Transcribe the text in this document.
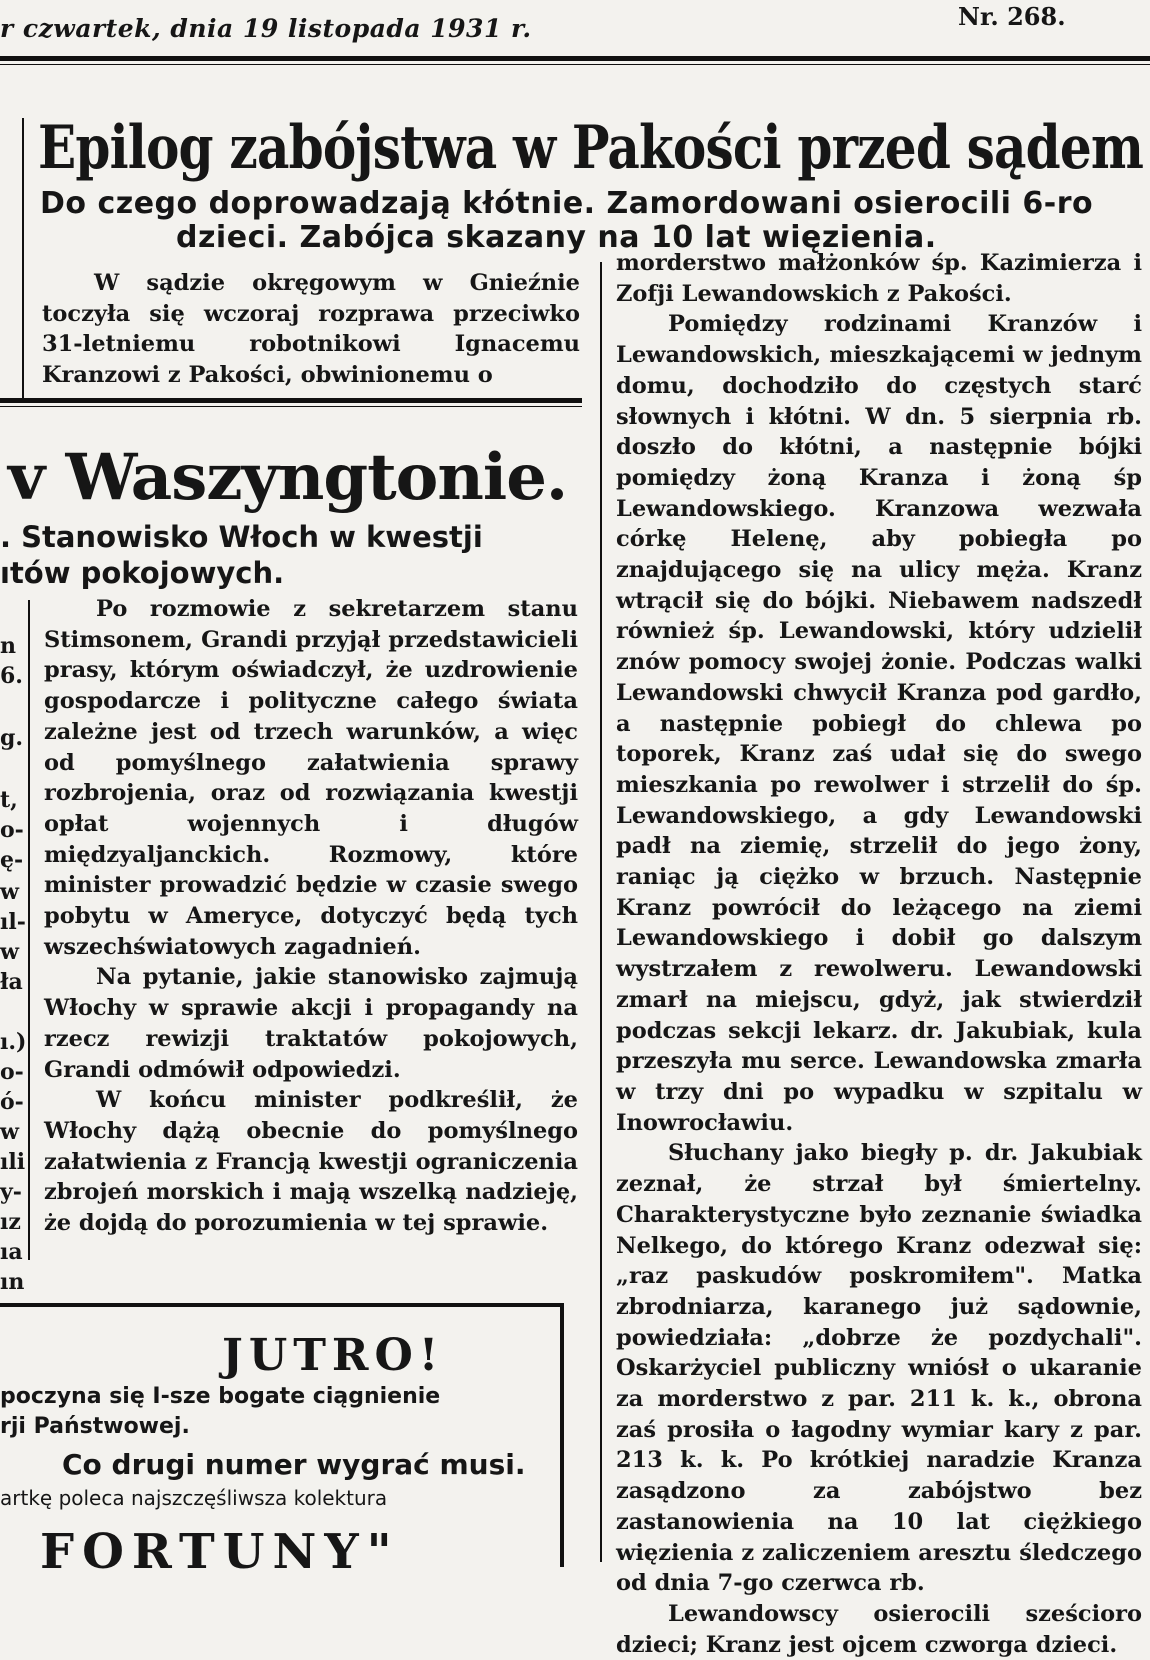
r czwartek, dnia 19 listopada 1931 r.	Nr. 268.
Epilog zabójstwa w Pakości przed sądem
Do czego doprowadzają kłótnie. Zamordowani osierocili 6-ro
dzieci. Zabójca skazany na 10 lat więzienia.

W sądzie okręgowym w Gnieźnie toczyła się wczoraj rozprawa przeciwko 31-letniemu robotnikowi Ignacemu Kranzowi z Pakości, obwinionemu o

morderstwo małżonków śp. Kazimierza i Zofji Lewandowskich z Pakości.

Pomiędzy rodzinami Kranzów i Lewandowskich, mieszkającemi w jednym domu, dochodziło do częstych starć słownych i kłótni. W dn. 5 sierpnia rb. doszło do kłótni, a następnie bójki pomiędzy żoną Kranza i żoną śp Lewandowskiego. Kranzowa wezwała córkę Helenę, aby pobiegła po znajdującego się na ulicy męża. Kranz wtrącił się do bójki. Niebawem nadszedł również śp. Lewandowski, który udzielił znów pomocy swojej żonie. Podczas walki Lewandowski chwycił Kranza pod gardło, a następnie pobiegł do chlewa po toporek, Kranz zaś udał się do swego mieszkania po rewolwer i strzelił do śp. Lewandowskiego, a gdy Lewandowski padł na ziemię, strzelił do jego żony, raniąc ją ciężko w brzuch. Następnie Kranz powrócił do leżącego na ziemi Lewandowskiego i dobił go dalszym wystrzałem z rewolweru. Lewandowski zmarł na miejscu, gdyż, jak stwierdził podczas sekcji lekarz. dr. Jakubiak, kula przeszyła mu serce. Lewandowska zmarła w trzy dni po wypadku w szpitalu w Inowrocławiu.

Słuchany jako biegły p. dr. Jakubiak zeznał, że strzał był śmiertelny. Charakterystyczne było zeznanie świadka Nelkego, do którego Kranz odezwał się: „raz paskudów poskromiłem". Matka zbrodniarza, karanego już sądownie, powiedziała: „dobrze że pozdychali". Oskarżyciel publiczny wniósł o ukaranie za morderstwo z par. 211 k. k., obrona zaś prosiła o łagodny wymiar kary z par. 213 k. k. Po krótkiej naradzie Kranza zasądzono za zabójstwo bez zastanowienia na 10 lat ciężkiego więzienia z zaliczeniem aresztu śledczego od dnia 7-go czerwca rb.

Lewandowscy osierocili sześcioro dzieci; Kranz jest ojcem czworga dzieci.

v Waszyngtonie.
. Stanowisko Włoch w kwestji
ıtów pokojowych.

Po rozmowie z sekretarzem stanu Stimsonem, Grandi przyjął przedstawicieli prasy, którym oświadczył, że uzdrowienie gospodarcze i polityczne całego świata zależne jest od trzech warunków, a więc od pomyślnego załatwienia sprawy rozbrojenia, oraz od rozwiązania kwestji opłat wojennych i długów międzyaljanckich. Rozmowy, które minister prowadzić będzie w czasie swego pobytu w Ameryce, dotyczyć będą tych wszechświatowych zagadnień.

Na pytanie, jakie stanowisko zajmują Włochy w sprawie akcji i propagandy na rzecz rewizji traktatów pokojowych, Grandi odmówił odpowiedzi.

W końcu minister podkreślił, że Włochy dążą obecnie do pomyślnego załatwienia z Francją kwestji ograniczenia zbrojeń morskich i mają wszelką nadzieję, że dojdą do porozumienia w tej sprawie.

n
6.
g.
t,
o-
ę-
w
ıl-
w
ła
ı.)
o-
ó-
w
ıli
y-
ız
ıa
ın
JUTRO!
poczyna się I-sze bogate ciągnienie
rji Państwowej.
Co drugi numer wygrać musi.
artkę poleca najszczęśliwsza kolektura
FORTUNY"
